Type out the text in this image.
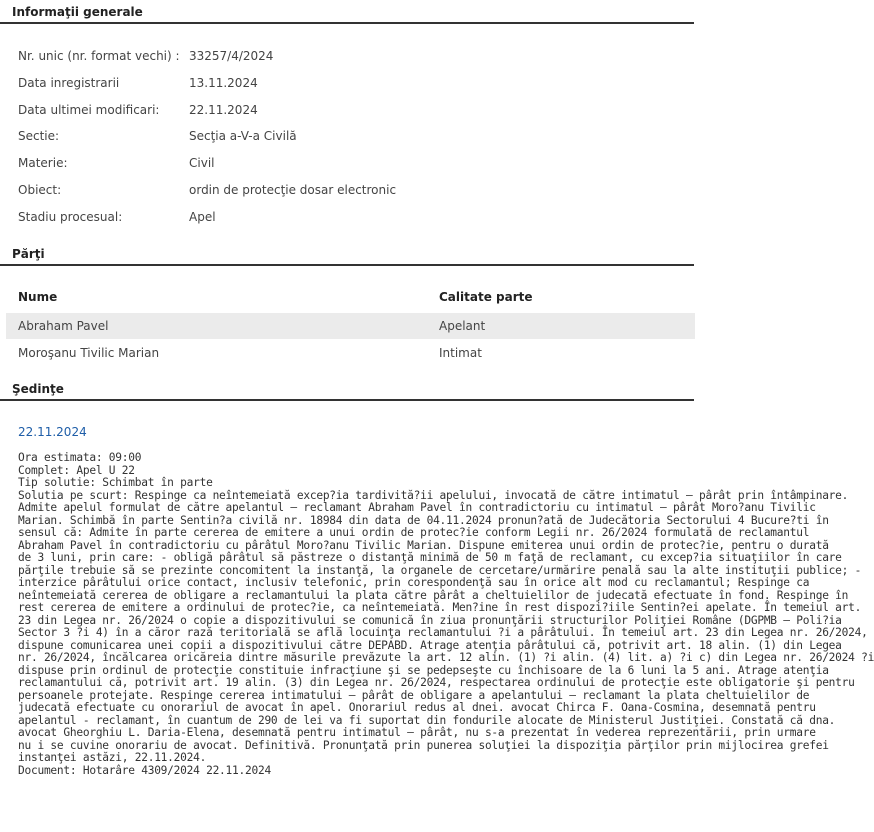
Informaţii generale
Nr. unic (nr. format vechi) : 33257/4/2024
Data inregistrarii	13.11.2024
Data ultimei modificari: 22.11.2024
Sectie:	Secţia a-V-a Civilă
Materie:	Civil
Obiect:	ordin de protecţie dosar electronic
Stadiu procesual:	Apel
Părţi
Nume	Calitate parte
Abraham Pavel	Apelant
Moroşanu Tivilic Marian	Intimat
Şedinţe
22.11.2024
Ora estimata: 09:00
Complet: Apel U 22
Tip solutie: Schimbat în parte
Solutia pe scurt: Respinge ca neîntemeiată excep?ia tardivită?ii apelului, invocată de către intimatul – pârât prin întâmpinare.
Admite apelul formulat de către apelantul – reclamant Abraham Pavel în contradictoriu cu intimatul – pârât Moro?anu Tivilic
Marian. Schimbă în parte Sentin?a civilă nr. 18984 din data de 04.11.2024 pronun?ată de Judecătoria Sectorului 4 Bucure?ti în
sensul că: Admite în parte cererea de emitere a unui ordin de protec?ie conform Legii nr. 26/2024 formulată de reclamantul
Abraham Pavel în contradictoriu cu pârâtul Moro?anu Tivilic Marian. Dispune emiterea unui ordin de protec?ie, pentru o durată
de 3 luni, prin care: - obligă pârâtul să păstreze o distanţă minimă de 50 m faţă de reclamant, cu excep?ia situaţiilor în care
părţile trebuie să se prezinte concomitent la instanţă, la organele de cercetare/urmărire penală sau la alte instituţii publice; -
interzice pârâtului orice contact, inclusiv telefonic, prin corespondenţă sau în orice alt mod cu reclamantul; Respinge ca
neîntemeiată cererea de obligare a reclamantului la plata către pârât a cheltuielilor de judecată efectuate în fond. Respinge în
rest cererea de emitere a ordinului de protec?ie, ca neîntemeiată. Men?ine în rest dispozi?iile Sentin?ei apelate. În temeiul art.
23 din Legea nr. 26/2024 o copie a dispozitivului se comunică în ziua pronunţării structurilor Poliţiei Române (DGPMB – Poli?ia
Sector 3 ?i 4) în a căror rază teritorială se află locuinţa reclamantului ?i a pârâtului. În temeiul art. 23 din Legea nr. 26/2024,
dispune comunicarea unei copii a dispozitivului către DEPABD. Atrage atenţia pârâtului că, potrivit art. 18 alin. (1) din Legea
nr. 26/2024, încălcarea oricăreia dintre măsurile prevăzute la art. 12 alin. (1) ?i alin. (4) lit. a) ?i c) din Legea nr. 26/2024 ?i
dispuse prin ordinul de protecţie constituie infracţiune şi se pedepseşte cu închisoare de la 6 luni la 5 ani. Atrage atenţia
reclamantului că, potrivit art. 19 alin. (3) din Legea nr. 26/2024, respectarea ordinului de protecţie este obligatorie şi pentru
persoanele protejate. Respinge cererea intimatului – pârât de obligare a apelantului – reclamant la plata cheltuielilor de
judecată efectuate cu onorariul de avocat în apel. Onorariul redus al dnei. avocat Chirca F. Oana-Cosmina, desemnată pentru
apelantul - reclamant, în cuantum de 290 de lei va fi suportat din fondurile alocate de Ministerul Justiţiei. Constată că dna.
avocat Gheorghiu L. Daria-Elena, desemnată pentru intimatul – pârât, nu s-a prezentat în vederea reprezentării, prin urmare
nu i se cuvine onorariu de avocat. Definitivă. Pronunţată prin punerea soluţiei la dispoziţia părţilor prin mijlocirea grefei
instanţei astăzi, 22.11.2024.
Document: Hotarâre 4309/2024 22.11.2024
